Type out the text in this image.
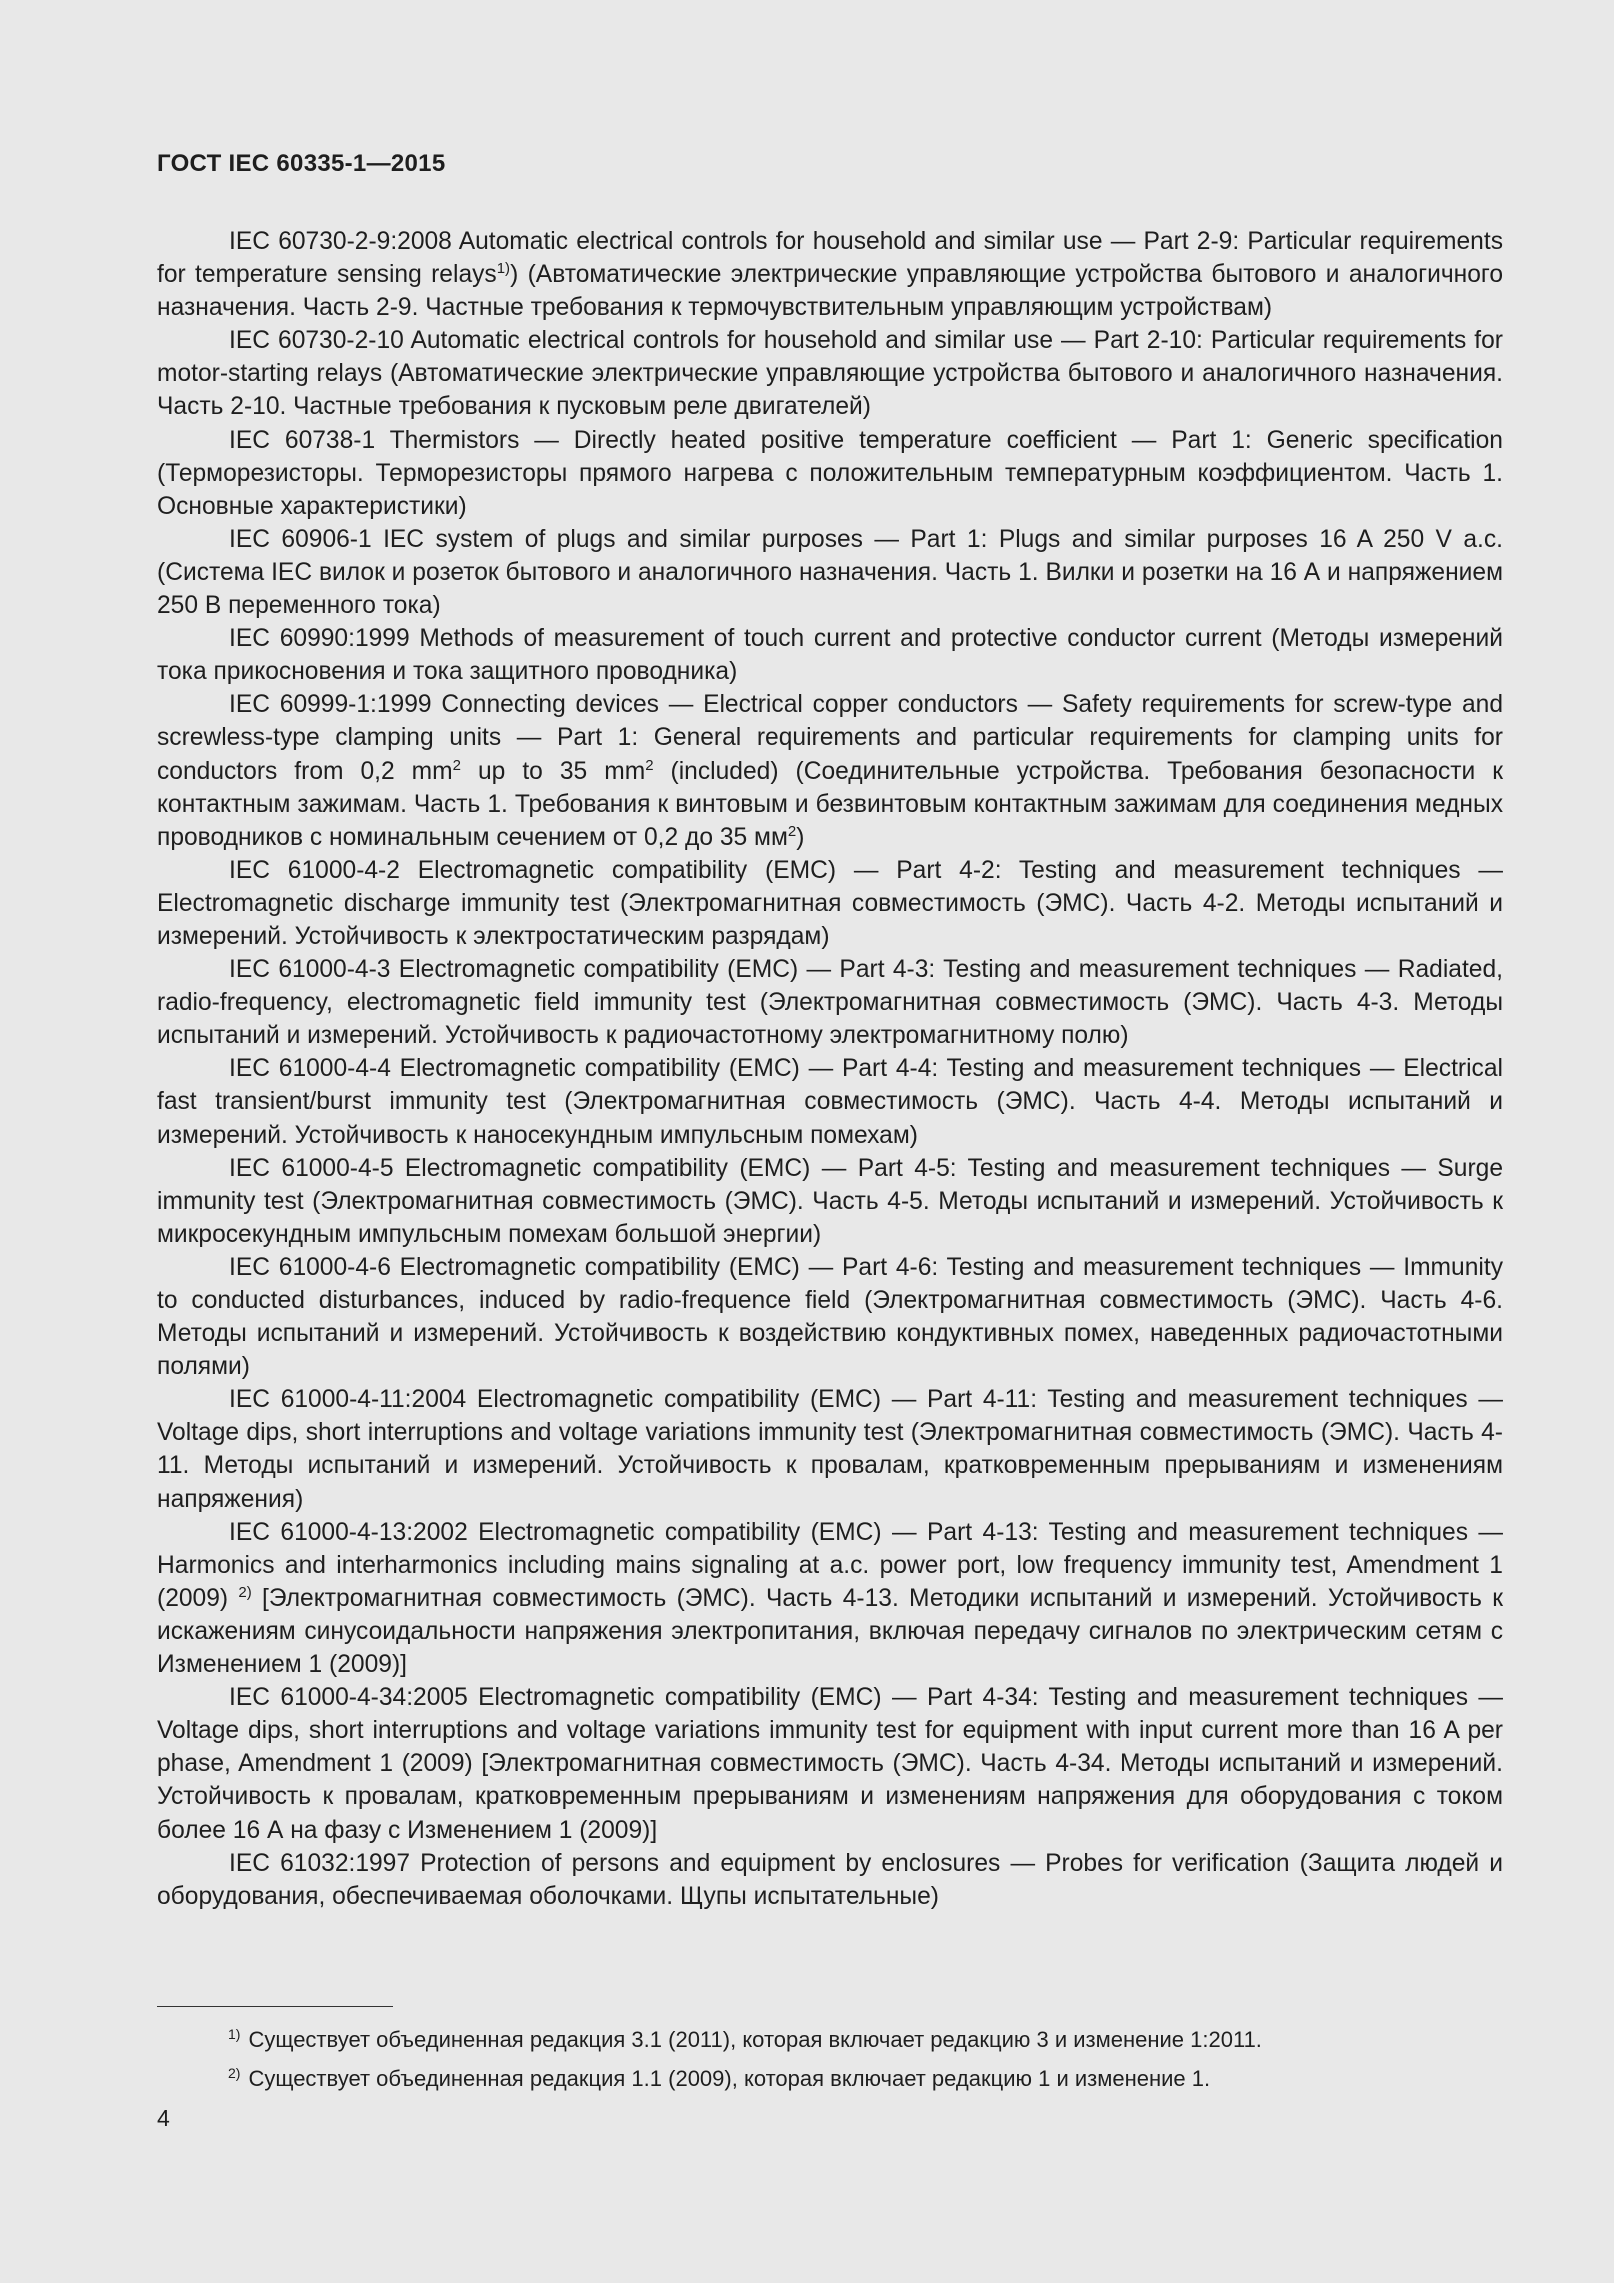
ГОСТ IEC 60335-1—2015

IEC 60730-2-9:2008 Automatic electrical controls for household and similar use — Part 2-9: Particular requirements for temperature sensing relays$^{1)}$) (Автоматические электрические управляющие устройства бытового и аналогичного назначения. Часть 2-9. Частные требования к термочувствительным управляющим устройствам)

IEC 60730-2-10 Automatic electrical controls for household and similar use — Part 2-10: Particular requirements for motor-starting relays (Автоматические электрические управляющие устройства бытового и аналогичного назначения. Часть 2-10. Частные требования к пусковым реле двигателей)

IEC 60738-1 Thermistors — Directly heated positive temperature coefficient — Part 1: Generic specification (Терморезисторы. Терморезисторы прямого нагрева с положительным температурным коэффициентом. Часть 1. Основные характеристики)

IEC 60906-1 IEC system of plugs and similar purposes — Part 1: Plugs and similar purposes 16 A 250 V a.c. (Система IEC вилок и розеток бытового и аналогичного назначения. Часть 1. Вилки и розетки на 16 А и напряжением 250 В переменного тока)

IEC 60990:1999 Methods of measurement of touch current and protective conductor current (Методы измерений тока прикосновения и тока защитного проводника)

IEC 60999-1:1999 Connecting devices — Electrical copper conductors — Safety requirements for screw-type and screwless-type clamping units — Part 1: General requirements and particular requirements for clamping units for conductors from 0,2 $mm^2$ up to 35 $mm^2$ (included) (Соединительные устройства. Требования безопасности к контактным зажимам. Часть 1. Требования к винтовым и безвинтовым контактным зажимам для соединения медных проводников с номинальным сечением от 0,2 до 35 $мм^2$)

IEC 61000-4-2 Electromagnetic compatibility (EMC) — Part 4-2: Testing and measurement techniques — Electromagnetic discharge immunity test (Электромагнитная совместимость (ЭМС). Часть 4-2. Методы испытаний и измерений. Устойчивость к электростатическим разрядам)

IEC 61000-4-3 Electromagnetic compatibility (EMC) — Part 4-3: Testing and measurement techniques — Radiated, radio-frequency, electromagnetic field immunity test (Электромагнитная совместимость (ЭМС). Часть 4-3. Методы испытаний и измерений. Устойчивость к радиочастотному электромагнитному полю)

IEC 61000-4-4 Electromagnetic compatibility (EMC) — Part 4-4: Testing and measurement techniques — Electrical fast transient/burst immunity test (Электромагнитная совместимость (ЭМС). Часть 4-4. Методы испытаний и измерений. Устойчивость к наносекундным импульсным помехам)

IEC 61000-4-5 Electromagnetic compatibility (EMC) — Part 4-5: Testing and measurement techniques — Surge immunity test (Электромагнитная совместимость (ЭМС). Часть 4-5. Методы испытаний и измерений. Устойчивость к микросекундным импульсным помехам большой энергии)

IEC 61000-4-6 Electromagnetic compatibility (EMC) — Part 4-6: Testing and measurement techniques — Immunity to conducted disturbances, induced by radio-frequence field (Электромагнитная совместимость (ЭМС). Часть 4-6. Методы испытаний и измерений. Устойчивость к воздействию кондуктивных помех, наведенных радиочастотными полями)

IEC 61000-4-11:2004 Electromagnetic compatibility (EMC) — Part 4-11: Testing and measurement techniques — Voltage dips, short interruptions and voltage variations immunity test (Электромагнитная совместимость (ЭМС). Часть 4-11. Методы испытаний и измерений. Устойчивость к провалам, кратковременным прерываниям и изменениям напряжения)

IEC 61000-4-13:2002 Electromagnetic compatibility (EMC) — Part 4-13: Testing and measurement techniques — Harmonics and interharmonics including mains signaling at a.c. power port, low frequency immunity test, Amendment 1 (2009) $^{2)}$ [Электромагнитная совместимость (ЭМС). Часть 4-13. Методики испытаний и измерений. Устойчивость к искажениям синусоидальности напряжения электропитания, включая передачу сигналов по электрическим сетям с Изменением 1 (2009)]

IEC 61000-4-34:2005 Electromagnetic compatibility (EMC) — Part 4-34: Testing and measurement techniques — Voltage dips, short interruptions and voltage variations immunity test for equipment with input current more than 16 A per phase, Amendment 1 (2009) [Электромагнитная совместимость (ЭМС). Часть 4-34. Методы испытаний и измерений. Устойчивость к провалам, кратковременным прерываниям и изменениям напряжения для оборудования с током более 16 А на фазу с Изменением 1 (2009)]

IEC 61032:1997 Protection of persons and equipment by enclosures — Probes for verification (Защита людей и оборудования, обеспечиваемая оболочками. Щупы испытательные)

$^{1)}$ Существует объединенная редакция 3.1 (2011), которая включает редакцию 3 и изменение 1:2011.

$^{2)}$ Существует объединенная редакция 1.1 (2009), которая включает редакцию 1 и изменение 1.

4
